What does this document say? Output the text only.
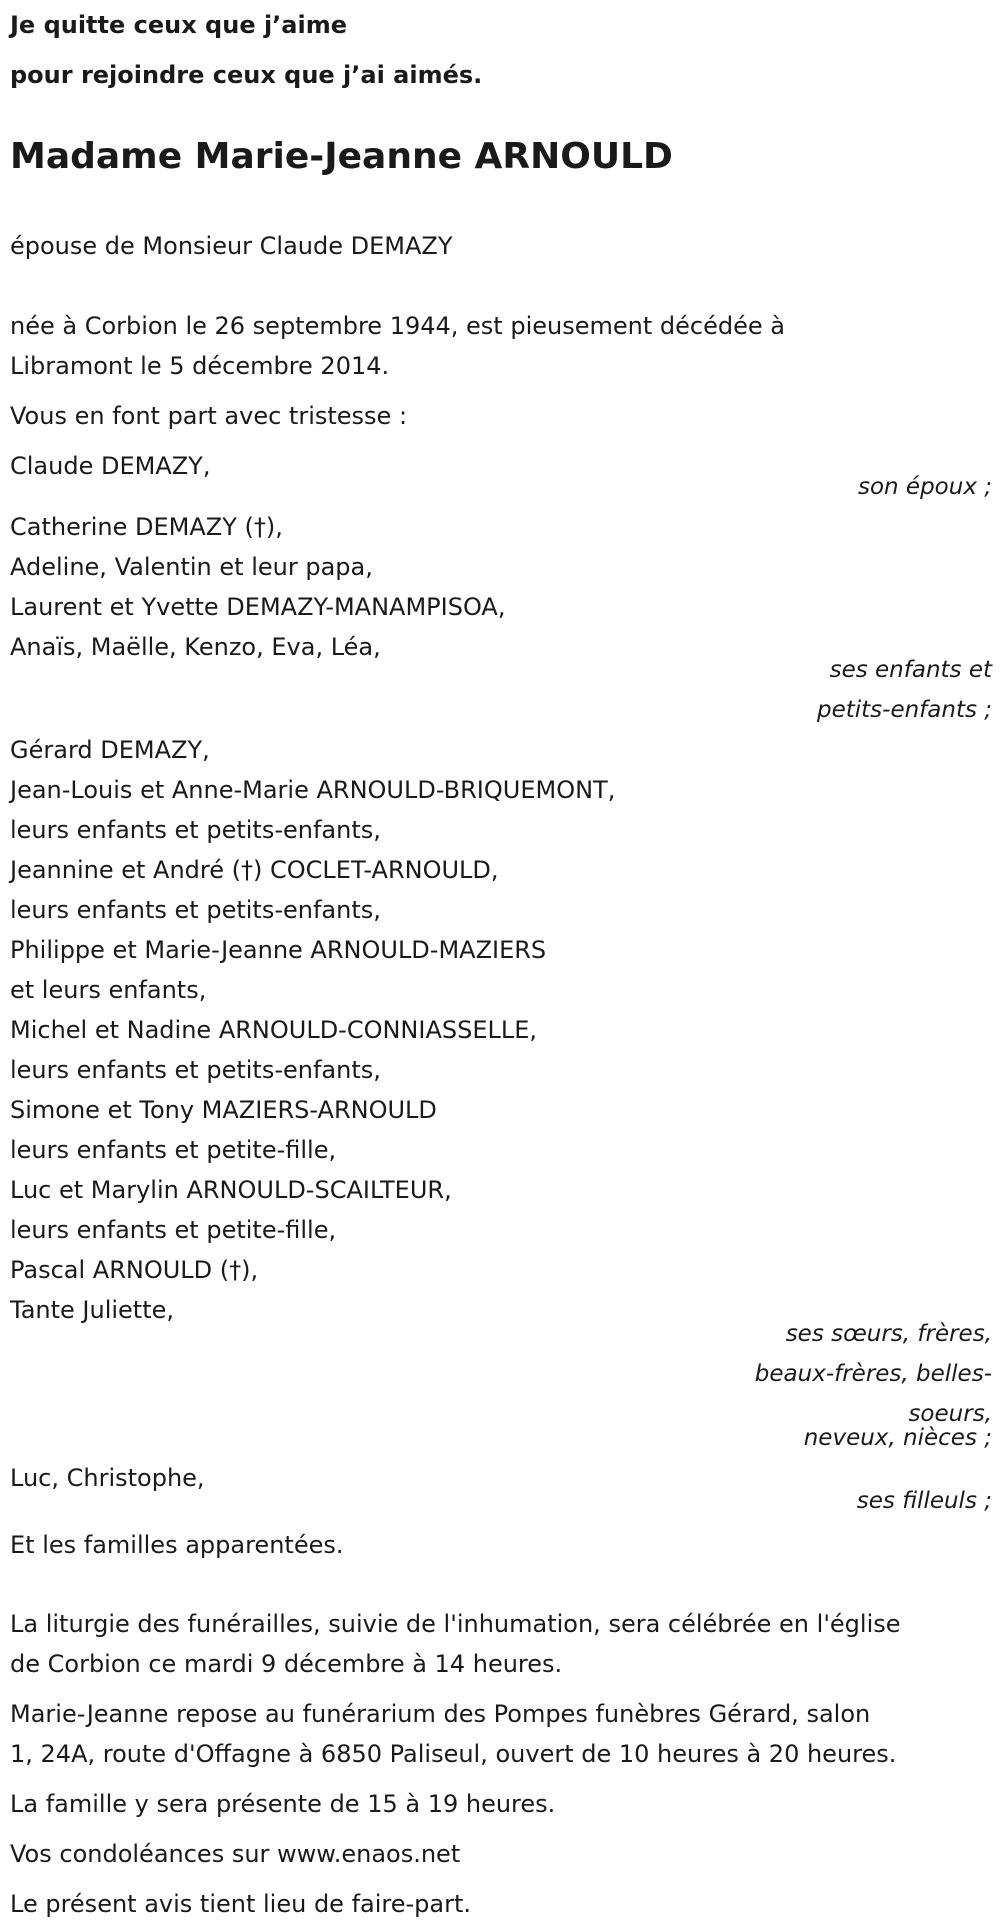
Je quitte ceux que j’aime
pour rejoindre ceux que j’ai aimés.
Madame Marie-Jeanne ARNOULD
épouse de Monsieur Claude DEMAZY
née à Corbion le 26 septembre 1944, est pieusement décédée à
Libramont le 5 décembre 2014.
Vous en font part avec tristesse :
Claude DEMAZY,
son époux ;
Catherine DEMAZY (†),
Adeline, Valentin et leur papa,
Laurent et Yvette DEMAZY-MANAMPISOA,
Anaïs, Maëlle, Kenzo, Eva, Léa,
ses enfants et
petits-enfants ;
Gérard DEMAZY,
Jean-Louis et Anne-Marie ARNOULD-BRIQUEMONT,
leurs enfants et petits-enfants,
Jeannine et André (†) COCLET-ARNOULD,
leurs enfants et petits-enfants,
Philippe et Marie-Jeanne ARNOULD-MAZIERS
et leurs enfants,
Michel et Nadine ARNOULD-CONNIASSELLE,
leurs enfants et petits-enfants,
Simone et Tony MAZIERS-ARNOULD
leurs enfants et petite-fille,
Luc et Marylin ARNOULD-SCAILTEUR,
leurs enfants et petite-fille,
Pascal ARNOULD (†),
Tante Juliette,
ses sœurs, frères,
beaux-frères, belles-
soeurs,
neveux, nièces ;
Luc, Christophe,
ses filleuls ;
Et les familles apparentées.
La liturgie des funérailles, suivie de l'inhumation, sera célébrée en l'église
de Corbion ce mardi 9 décembre à 14 heures.
Marie-Jeanne repose au funérarium des Pompes funèbres Gérard, salon
1, 24A, route d'Offagne à 6850 Paliseul, ouvert de 10 heures à 20 heures.
La famille y sera présente de 15 à 19 heures.
Vos condoléances sur www.enaos.net
Le présent avis tient lieu de faire-part.
